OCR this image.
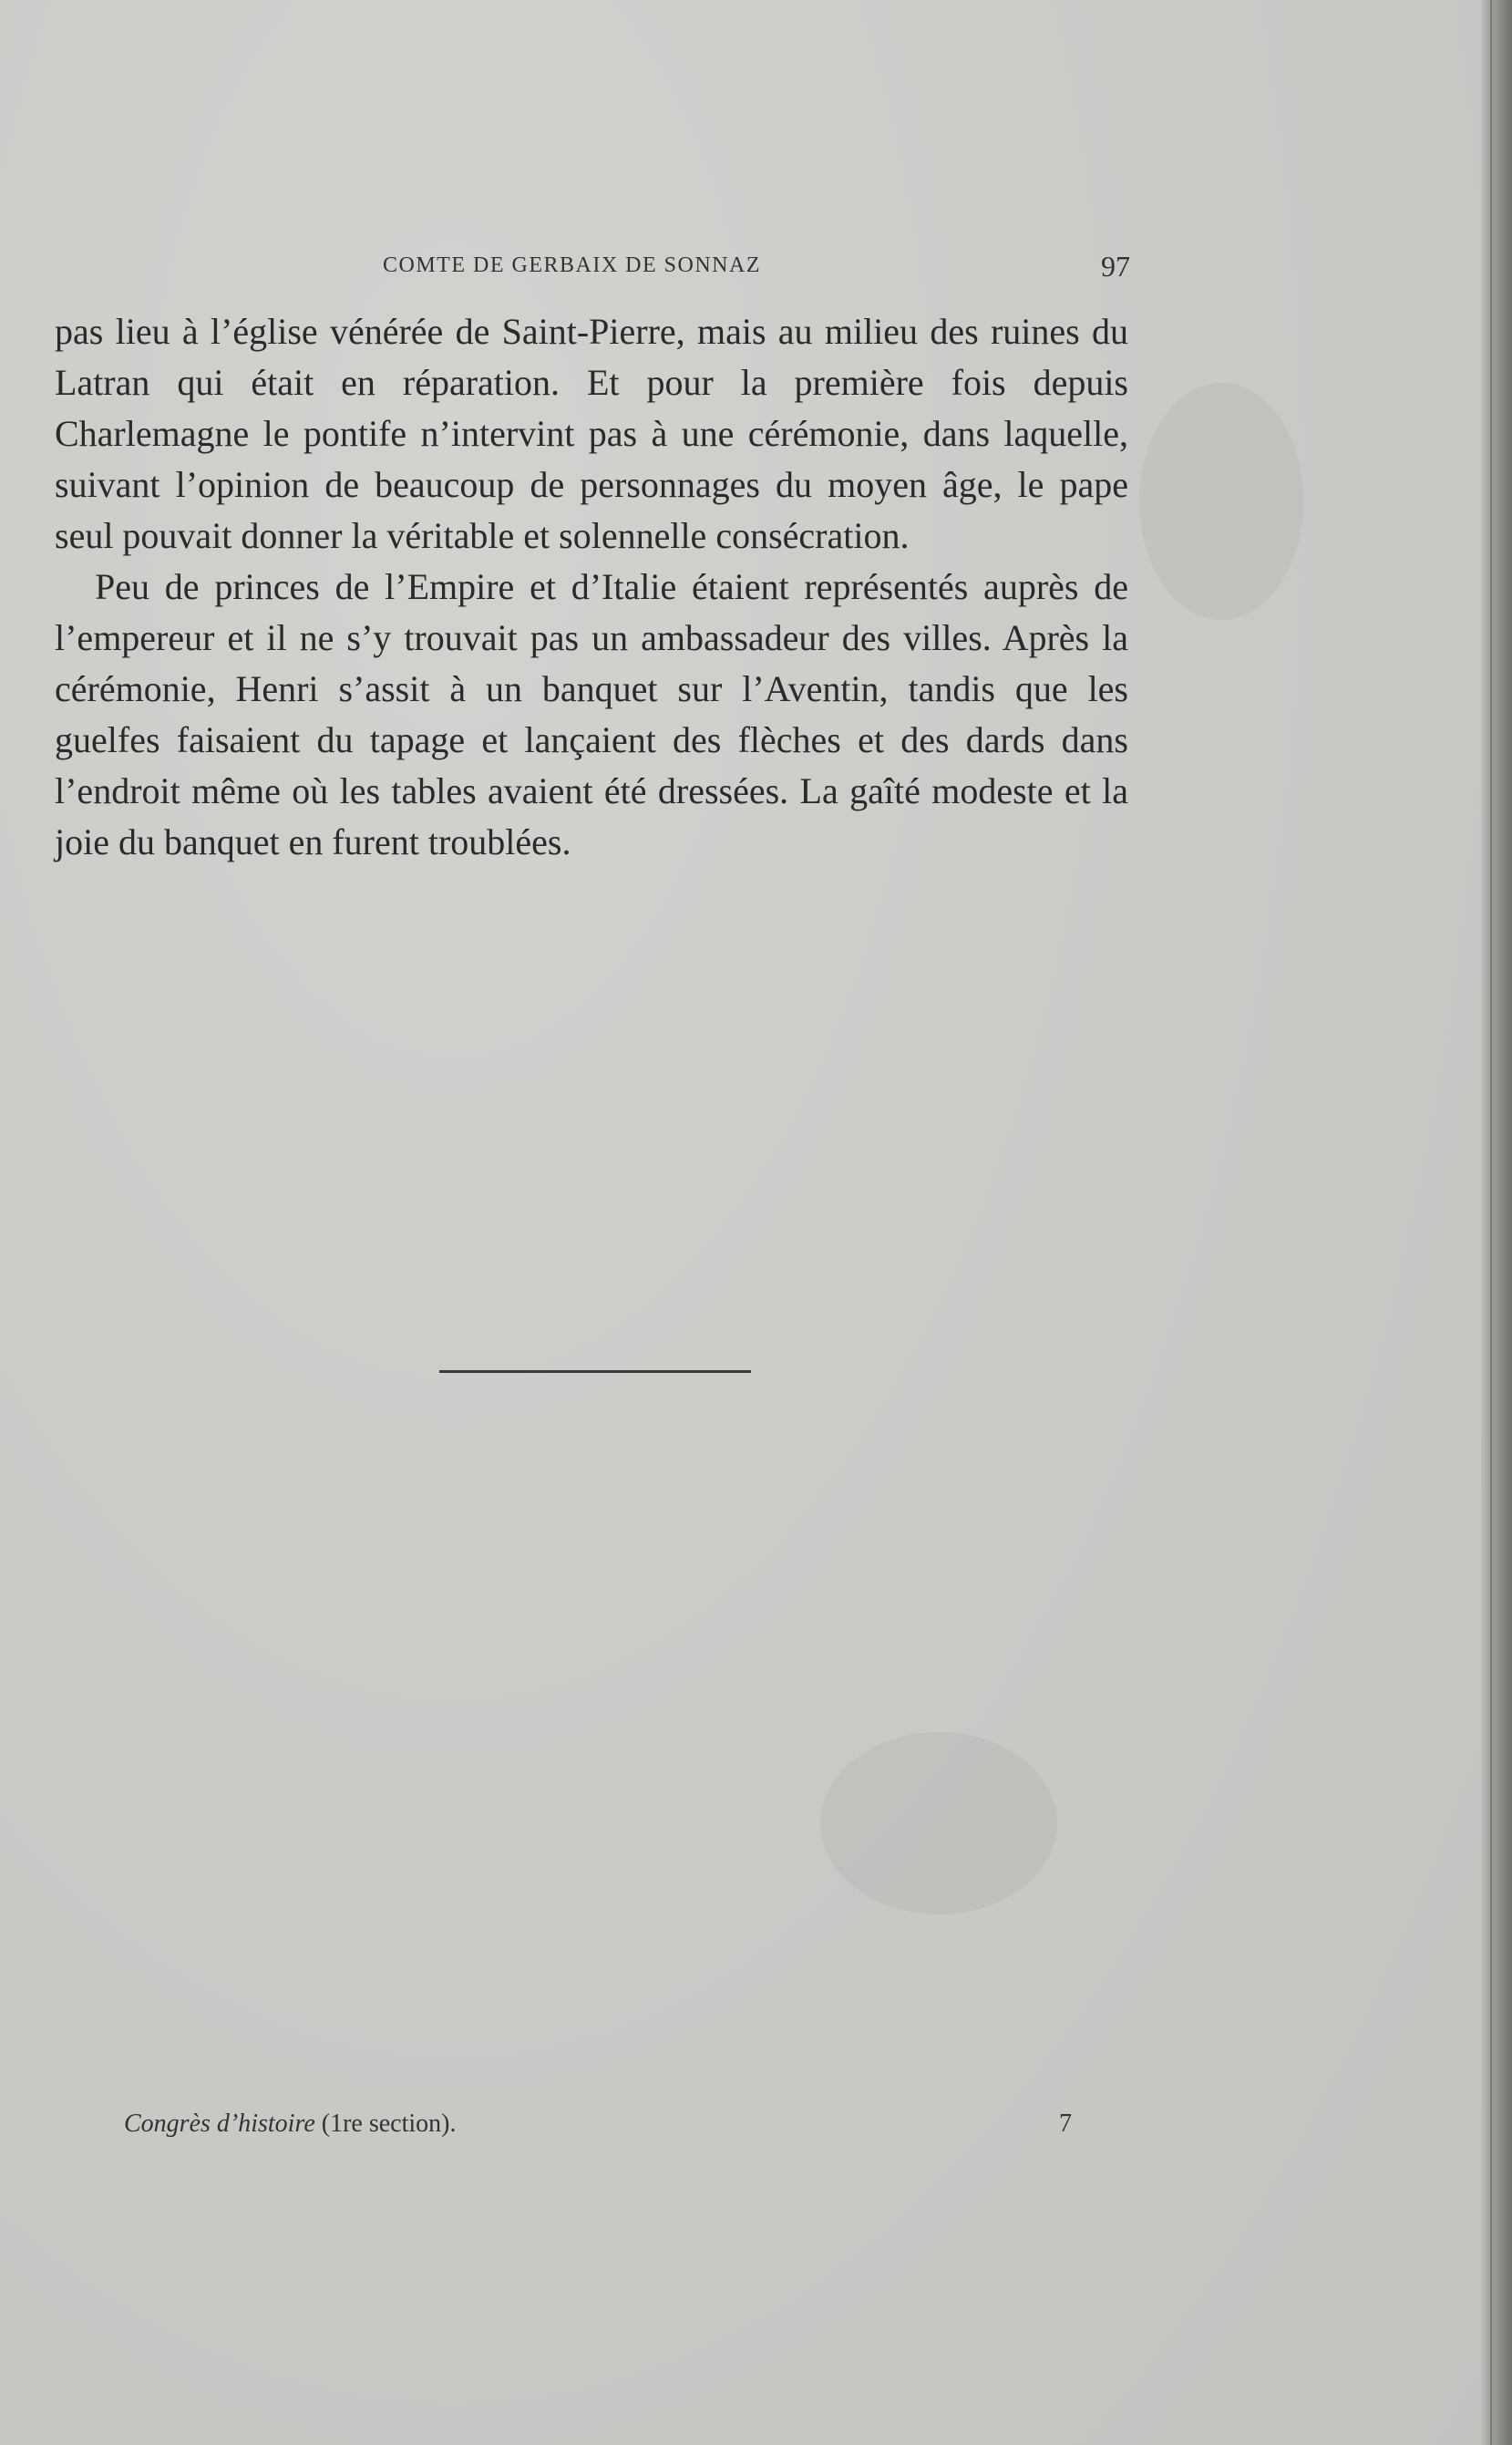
COMTE DE GERBAIX DE SONNAZ	97

pas lieu à l’église vénérée de Saint-Pierre, mais au milieu des ruines du Latran qui était en réparation. Et pour la première fois depuis Charlemagne le pontife n’intervint pas à une cérémonie, dans laquelle, suivant l’opinion de beaucoup de personnages du moyen âge, le pape seul pouvait donner la véritable et solennelle consécration.

Peu de princes de l’Empire et d’Italie étaient représentés auprès de l’empereur et il ne s’y trouvait pas un ambassadeur des villes. Après la cérémonie, Henri s’assit à un banquet sur l’Aventin, tandis que les guelfes faisaient du tapage et lançaient des flèches et des dards dans l’endroit même où les tables avaient été dressées. La gaîté modeste et la joie du banquet en furent troublées.

Congrès d’histoire (1re section).	7
